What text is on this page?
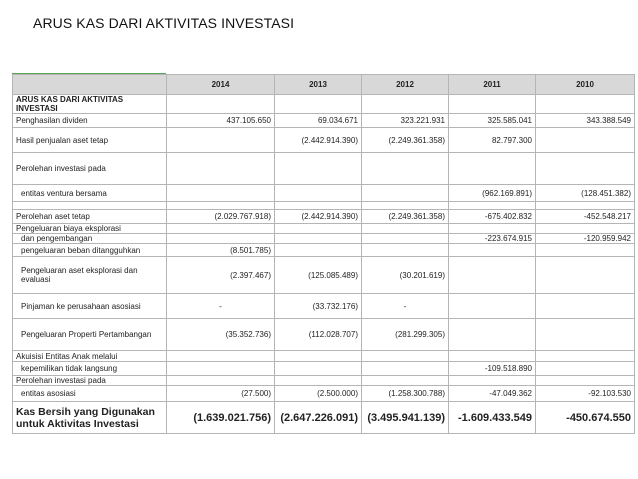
ARUS KAS DARI AKTIVITAS INVESTASI
	2014	2013	2012	2011	2010
ARUS KAS DARI AKTIVITAS INVESTASI					
Penghasilan dividen	437.105.650	69.034.671	323.221.931	325.585.041	343.388.549
Hasil penjualan aset tetap		(2.442.914.390)	(2.249.361.358)	82.797.300	
Perolehan investasi pada					
entitas ventura bersama				(962.169.891)	(128.451.382)

Perolehan aset tetap	(2.029.767.918)	(2.442.914.390)	(2.249.361.358)	-675.402.832	-452.548.217
Pengeluaran biaya eksplorasi					
dan pengembangan				-223.674.915	-120.959.942
pengeluaran beban ditangguhkan	(8.501.785)				
Pengeluaran aset eksplorasi dan evaluasi	(2.397.467)	(125.085.489)	(30.201.619)		
Pinjaman ke perusahaan asosiasi	-	(33.732.176)	-		
Pengeluaran Properti Pertambangan	(35.352.736)	(112.028.707)	(281.299.305)		
Akuisisi Entitas Anak melalui					
kepemilikan tidak langsung				-109.518.890	
Perolehan investasi pada					
entitas asosiasi	(27.500)	(2.500.000)	(1.258.300.788)	-47.049.362	-92.103.530
Kas Bersih yang Digunakan untuk Aktivitas Investasi	(1.639.021.756)	(2.647.226.091)	(3.495.941.139)	-1.609.433.549	-450.674.550
